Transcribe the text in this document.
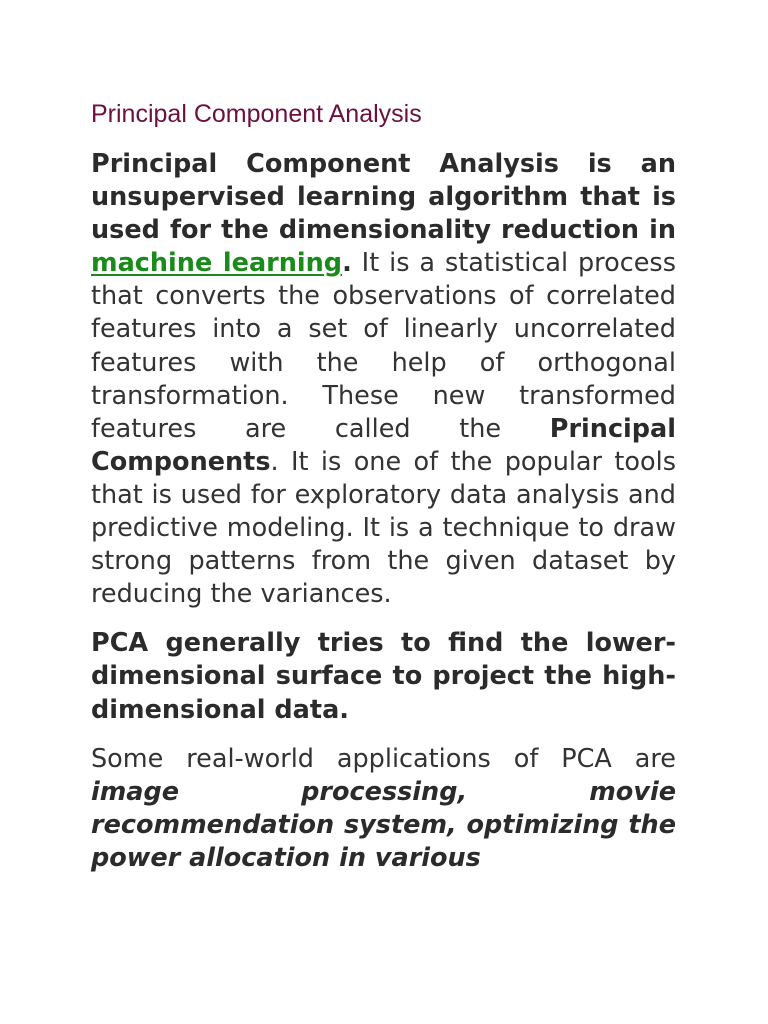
Principal Component Analysis

Principal Component Analysis is an unsupervised learning algorithm that is used for the dimensionality reduction in machine learning. It is a statistical process that converts the observations of correlated features into a set of linearly uncorrelated features with the help of orthogonal transformation. These new transformed features are called the Principal Components. It is one of the popular tools that is used for exploratory data analysis and predictive modeling. It is a technique to draw strong patterns from the given dataset by reducing the variances.

PCA generally tries to find the lower-dimensional surface to project the high-dimensional data.

Some real-world applications of PCA are image processing, movie recommendation system, optimizing the power allocation in various
